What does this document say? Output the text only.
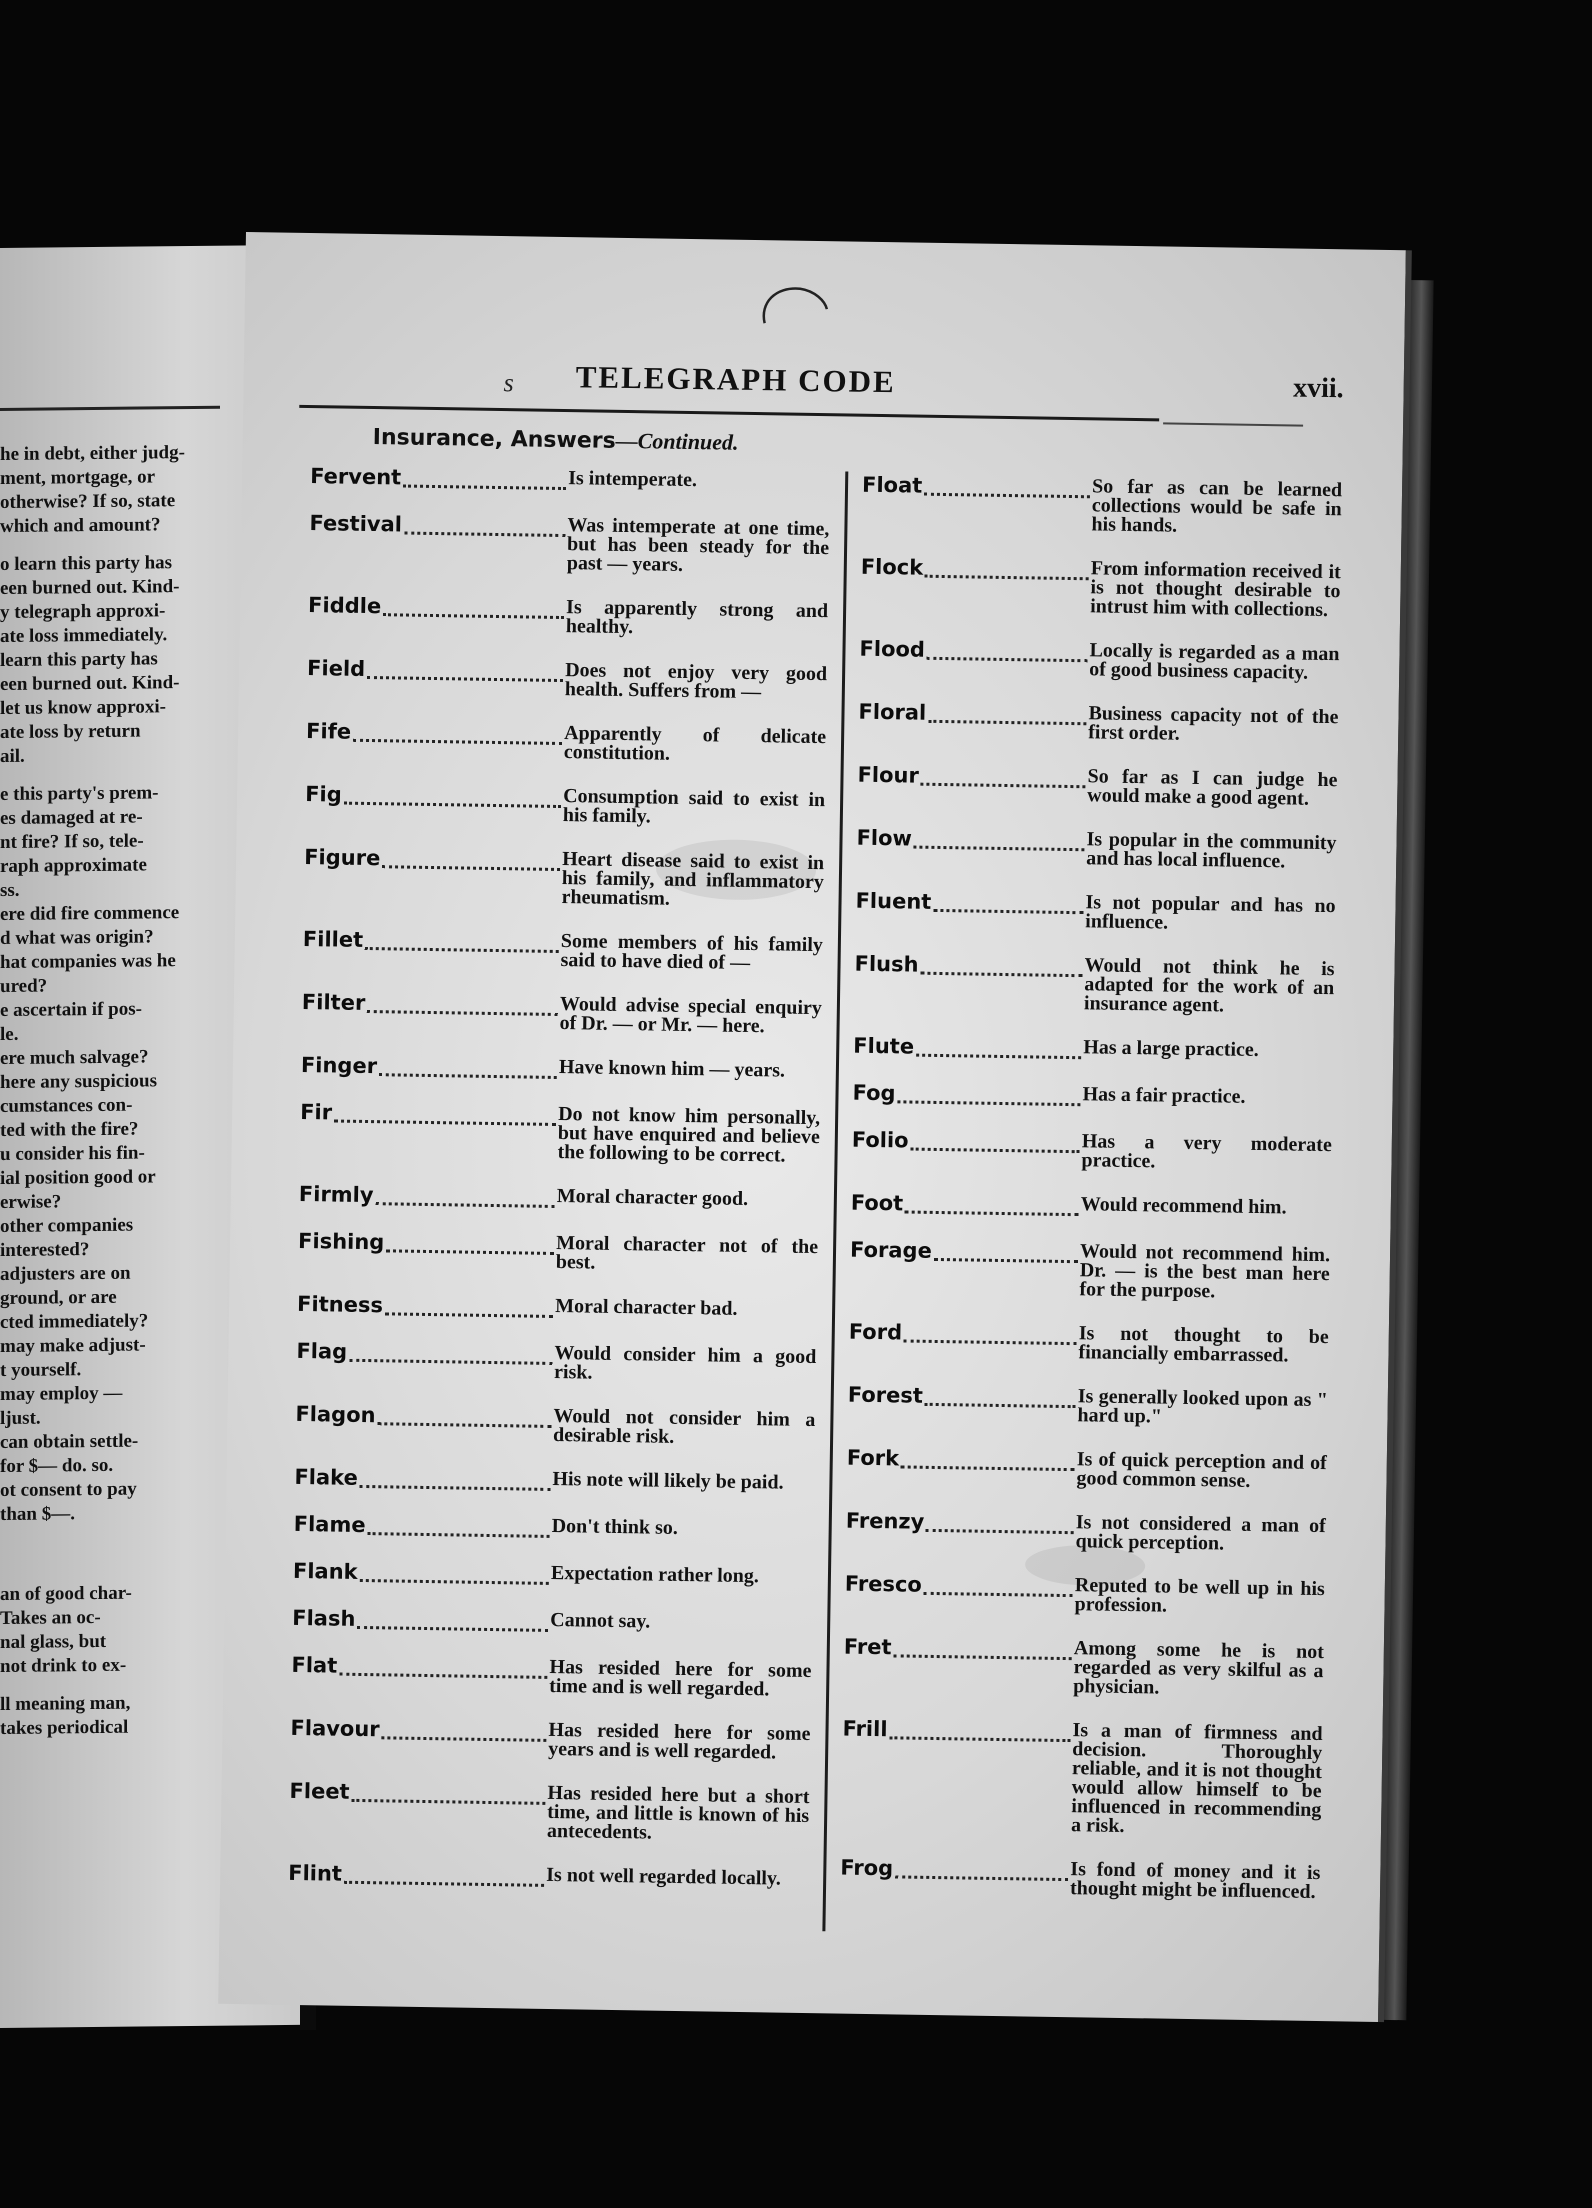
he in debt, either judg-
ment, mortgage, or
otherwise? If so, state
which and amount?
o learn this party has
een burned out. Kind-
y telegraph approxi-
ate loss immediately.
learn this party has
een burned out. Kind-
let us know approxi-
ate loss by return
ail.
e this party's prem-
es damaged at re-
nt fire? If so, tele-
raph approximate
ss.
ere did fire commence
d what was origin?
hat companies was he
ured?
e ascertain if pos-
le.
ere much salvage?
here any suspicious
cumstances con-
ted with the fire?
u consider his fin-
ial position good or
erwise?
other companies
interested?
adjusters are on
ground, or are
cted immediately?
may make adjust-
t yourself.
may employ —
ljust.
can obtain settle-
for $— do. so.
ot consent to pay
than $—.
an of good char-
Takes an oc-
nal glass, but
not drink to ex-
ll meaning man,
takes periodical
s TELEGRAPH CODE	xvii.
Insurance, Answers—Continued.
Fervent	Is intemperate.
Festival	Was intemperate at one time, but has been steady for the past — years.
Fiddle	Is apparently strong and healthy.
Field	Does not enjoy very good health. Suffers from —
Fife	Apparently of delicate constitution.
Fig	Consumption said to exist in his family.
Figure	Heart disease said to exist in his family, and inflammatory rheumatism.
Fillet	Some members of his family said to have died of —
Filter	Would advise special enquiry of Dr. — or Mr. — here.
Finger	Have known him — years.
Fir	Do not know him personally, but have enquired and believe the following to be correct.
Firmly	Moral character good.
Fishing	Moral character not of the best.
Fitness	Moral character bad.
Flag	Would consider him a good risk.
Flagon	Would not consider him a desirable risk.
Flake	His note will likely be paid.
Flame	Don't think so.
Flank	Expectation rather long.
Flash	Cannot say.
Flat	Has resided here for some time and is well regarded.
Flavour	Has resided here for some years and is well regarded.
Fleet	Has resided here but a short time, and little is known of his antecedents.
Flint	Is not well regarded locally.
Float	So far as can be learned collections would be safe in his hands.
Flock	From information received it is not thought desirable to intrust him with collections.
Flood	Locally is regarded as a man of good business capacity.
Floral	Business capacity not of the first order.
Flour	So far as I can judge he would make a good agent.
Flow	Is popular in the community and has local influence.
Fluent	Is not popular and has no influence.
Flush	Would not think he is adapted for the work of an insurance agent.
Flute	Has a large practice.
Fog	Has a fair practice.
Folio	Has a very moderate practice.
Foot	Would recommend him.
Forage	Would not recommend him. Dr. — is the best man here for the purpose.
Ford	Is not thought to be financially embarrassed.
Forest	Is generally looked upon as " hard up."
Fork	Is of quick perception and of good common sense.
Frenzy	Is not considered a man of quick perception.
Fresco	Reputed to be well up in his profession.
Fret	Among some he is not regarded as very skilful as a physician.
Frill	Is a man of firmness and decision. Thoroughly reliable, and it is not thought would allow himself to be influenced in recommending a risk.
Frog	Is fond of money and it is thought might be influenced.
